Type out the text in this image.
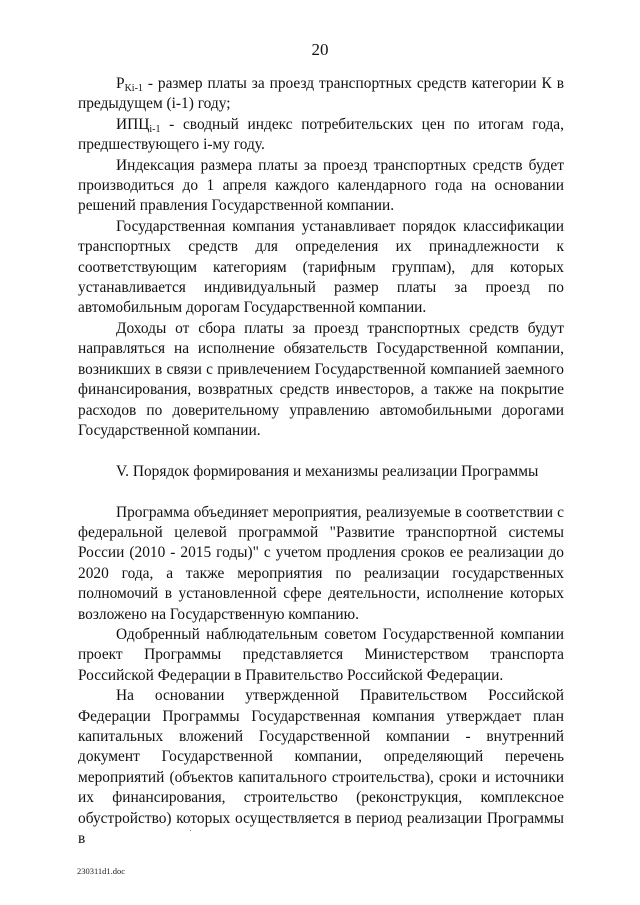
20

$P_{Ki-1}$ - размер платы за проезд транспортных средств категории К в предыдущем (i-1) году;

$ИПЦ_{i-1}$ - сводный индекс потребительских цен по итогам года, предшествующего i-му году.

Индексация размера платы за проезд транспортных средств будет производиться до 1 апреля каждого календарного года на основании решений правления Государственной компании.

Государственная компания устанавливает порядок классификации транспортных средств для определения их принадлежности к соответствующим категориям (тарифным группам), для которых устанавливается индивидуальный размер платы за проезд по автомобильным дорогам Государственной компании.

Доходы от сбора платы за проезд транспортных средств будут направляться на исполнение обязательств Государственной компании, возникших в связи с привлечением Государственной компанией заемного финансирования, возвратных средств инвесторов, а также на покрытие расходов по доверительному управлению автомобильными дорогами Государственной компании.

V. Порядок формирования и механизмы реализации Программы

Программа объединяет мероприятия, реализуемые в соответствии с федеральной целевой программой "Развитие транспортной системы России (2010 - 2015 годы)" с учетом продления сроков ее реализации до 2020 года, а также мероприятия по реализации государственных полномочий в установленной сфере деятельности, исполнение которых возложено на Государственную компанию.

Одобренный наблюдательным советом Государственной компании проект Программы представляется Министерством транспорта Российской Федерации в Правительство Российской Федерации.

На основании утвержденной Правительством Российской Федерации Программы Государственная компания утверждает план капитальных вложений Государственной компании - внутренний документ Государственной компании, определяющий перечень мероприятий (объектов капитального строительства), сроки и источники их финансирования, строительство (реконструкция, комплексное обустройство) которых осуществляется в период реализации Программы в

230311d1.doc
